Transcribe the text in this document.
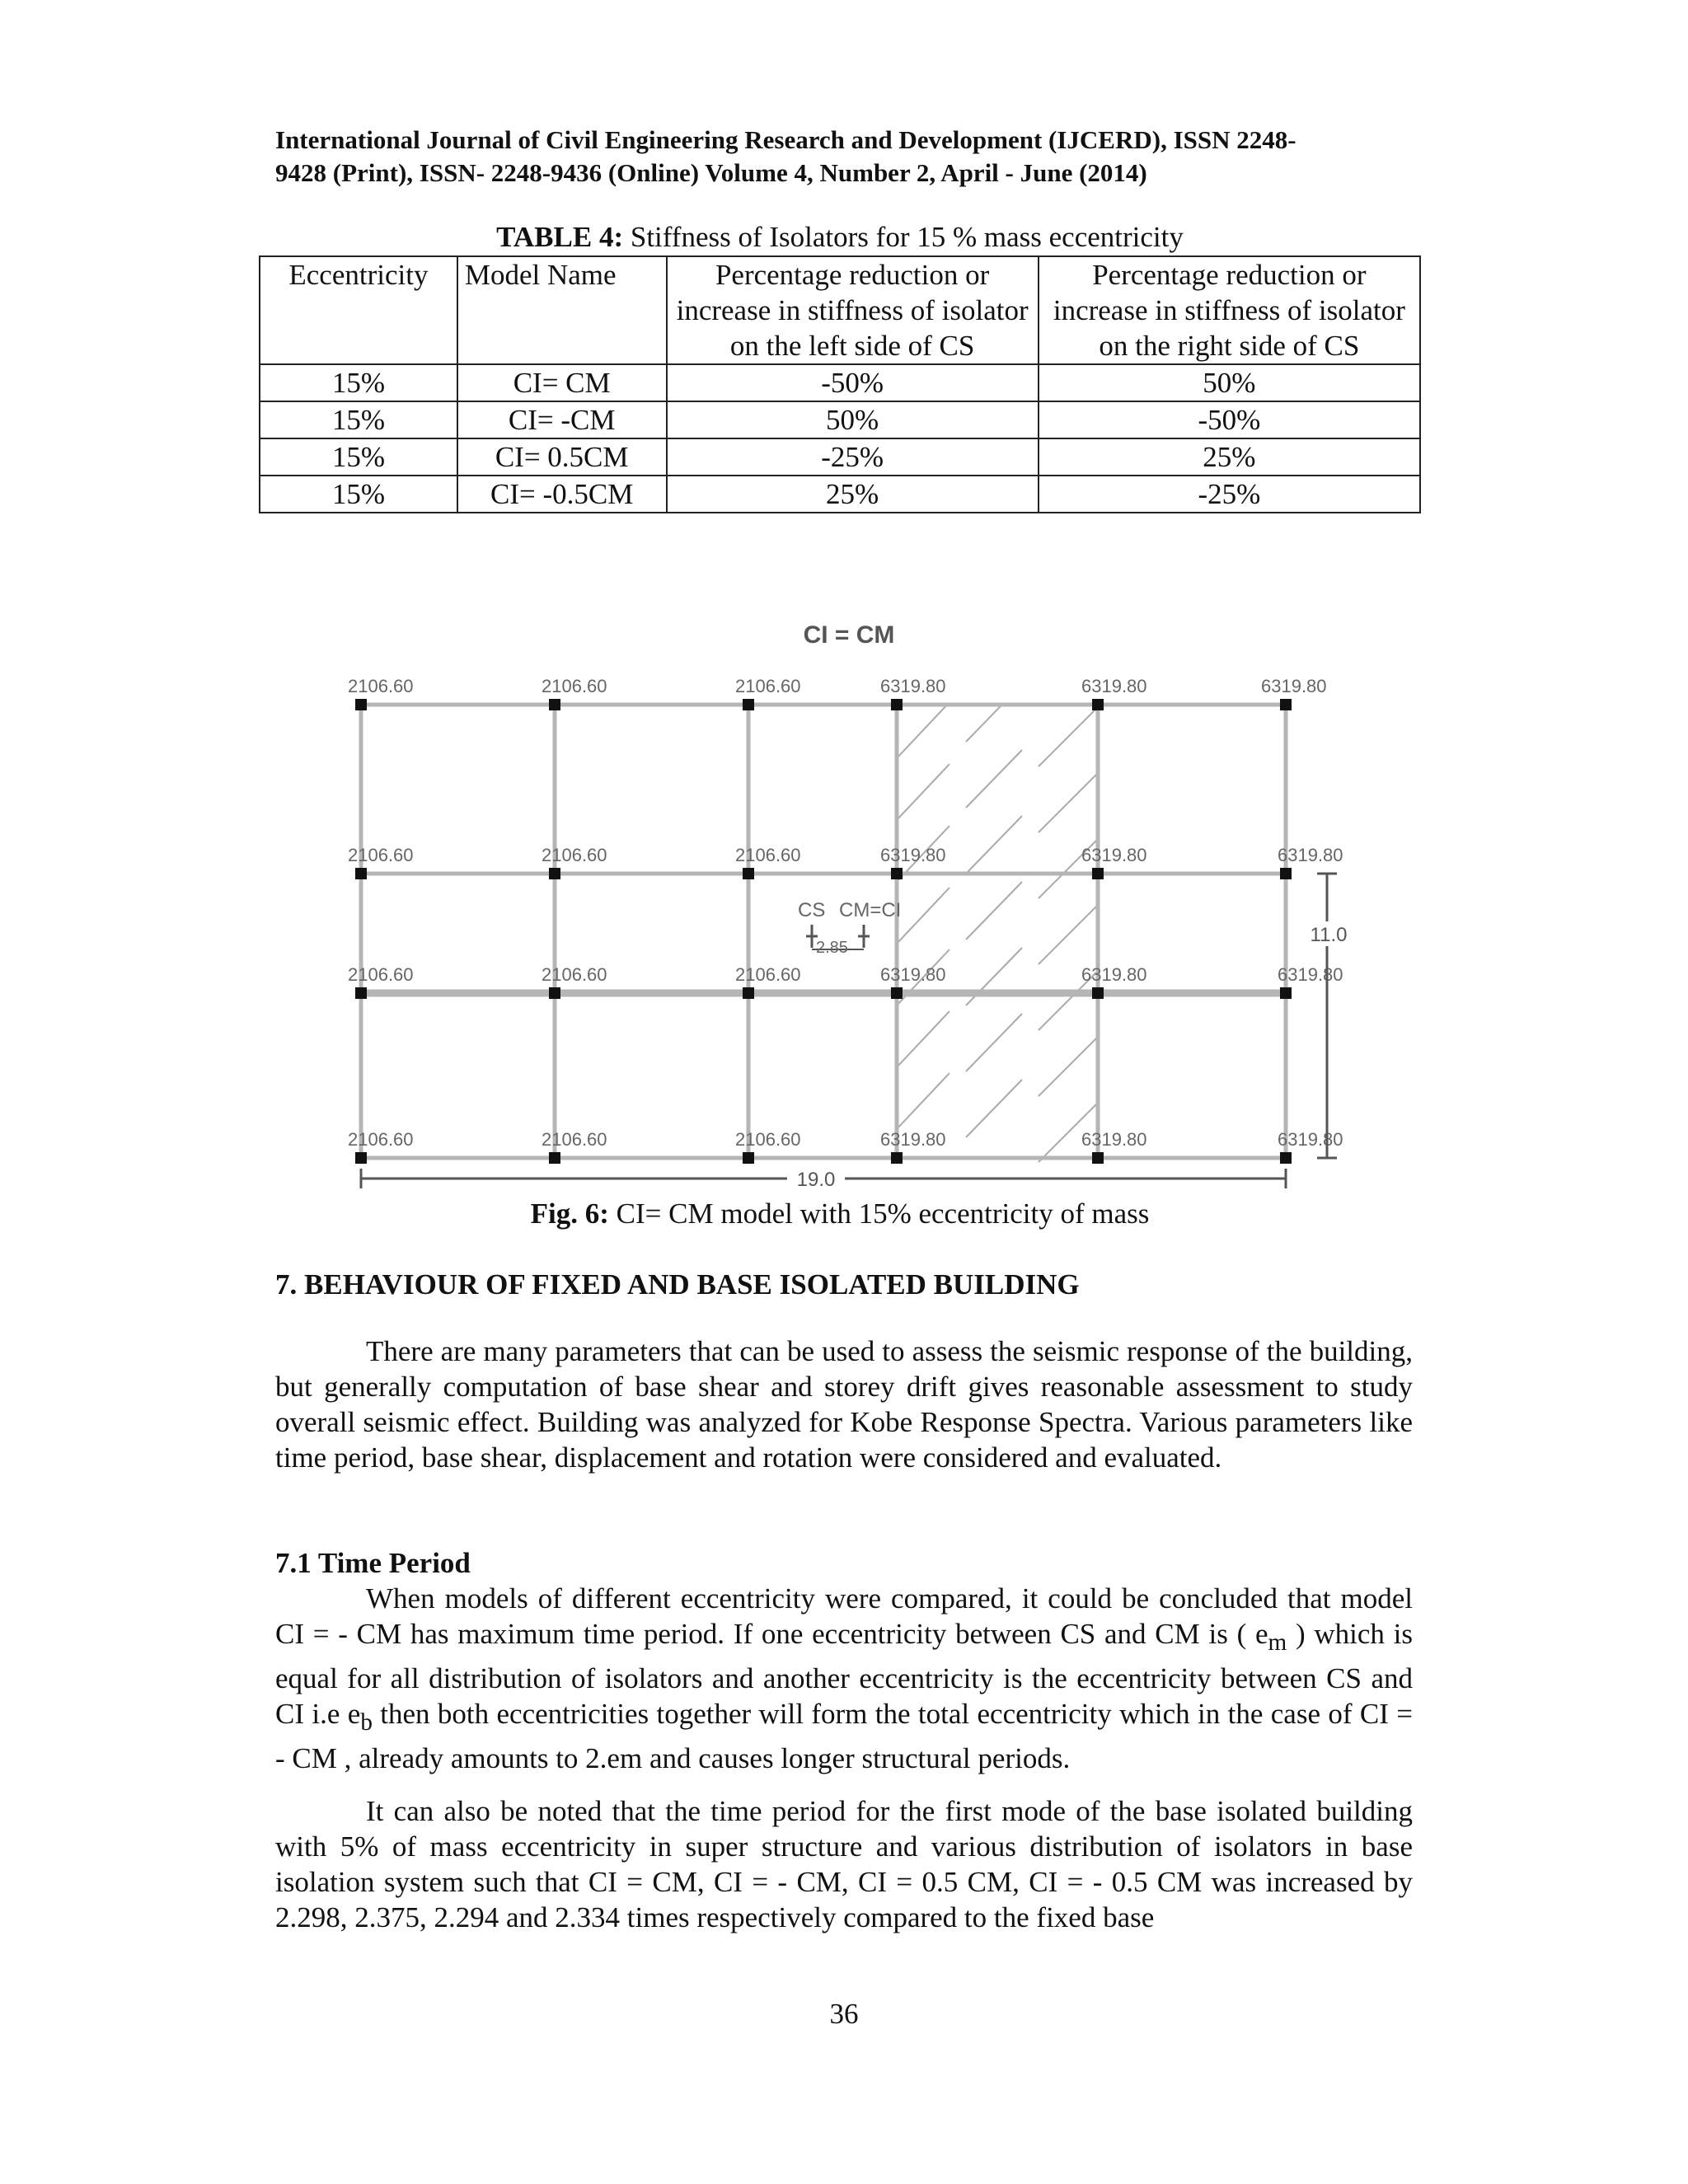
International Journal of Civil Engineering Research and Development (IJCERD), ISSN 2248-
9428 (Print), ISSN- 2248-9436 (Online) Volume 4, Number 2, April - June (2014)
TABLE 4: Stiffness of Isolators for 15 % mass eccentricity
Eccentricity	Model Name	Percentage reduction or increase in stiffness of isolator on the left side of CS	Percentage reduction or increase in stiffness of isolator on the right side of CS
15%	CI= CM	-50%	50%
15%	CI= -CM	50%	-50%
15%	CI= 0.5CM	-25%	25%
15%	CI= -0.5CM	25%	-25%
CI = CM
2106.60	2106.60	2106.60	6319.80	6319.80	6319.80
2106.60	2106.60	2106.60	6319.80	6319.80	6319.80
2106.60	2106.60	2106.60	6319.80	6319.80	6319.80
2106.60	2106.60	2106.60	6319.80	6319.80	6319.80
CS CM=CI
2.85
19.0
11.0
Fig. 6: CI= CM model with 15% eccentricity of mass
7. BEHAVIOUR OF FIXED AND BASE ISOLATED BUILDING

There are many parameters that can be used to assess the seismic response of the building, but generally computation of base shear and storey drift gives reasonable assessment to study overall seismic effect. Building was analyzed for Kobe Response Spectra. Various parameters like time period, base shear, displacement and rotation were considered and evaluated.

7.1 Time Period

When models of different eccentricity were compared, it could be concluded that model CI = - CM has maximum time period. If one eccentricity between CS and CM is ( $e_m$ ) which is equal for all distribution of isolators and another eccentricity is the eccentricity between CS and CI i.e $e_b$ then both eccentricities together will form the total eccentricity which in the case of CI = - CM , already amounts to 2.em and causes longer structural periods.

It can also be noted that the time period for the first mode of the base isolated building with 5% of mass eccentricity in super structure and various distribution of isolators in base isolation system such that CI = CM, CI = - CM, CI = 0.5 CM, CI = - 0.5 CM was increased by 2.298, 2.375, 2.294 and 2.334 times respectively compared to the fixed base

36
